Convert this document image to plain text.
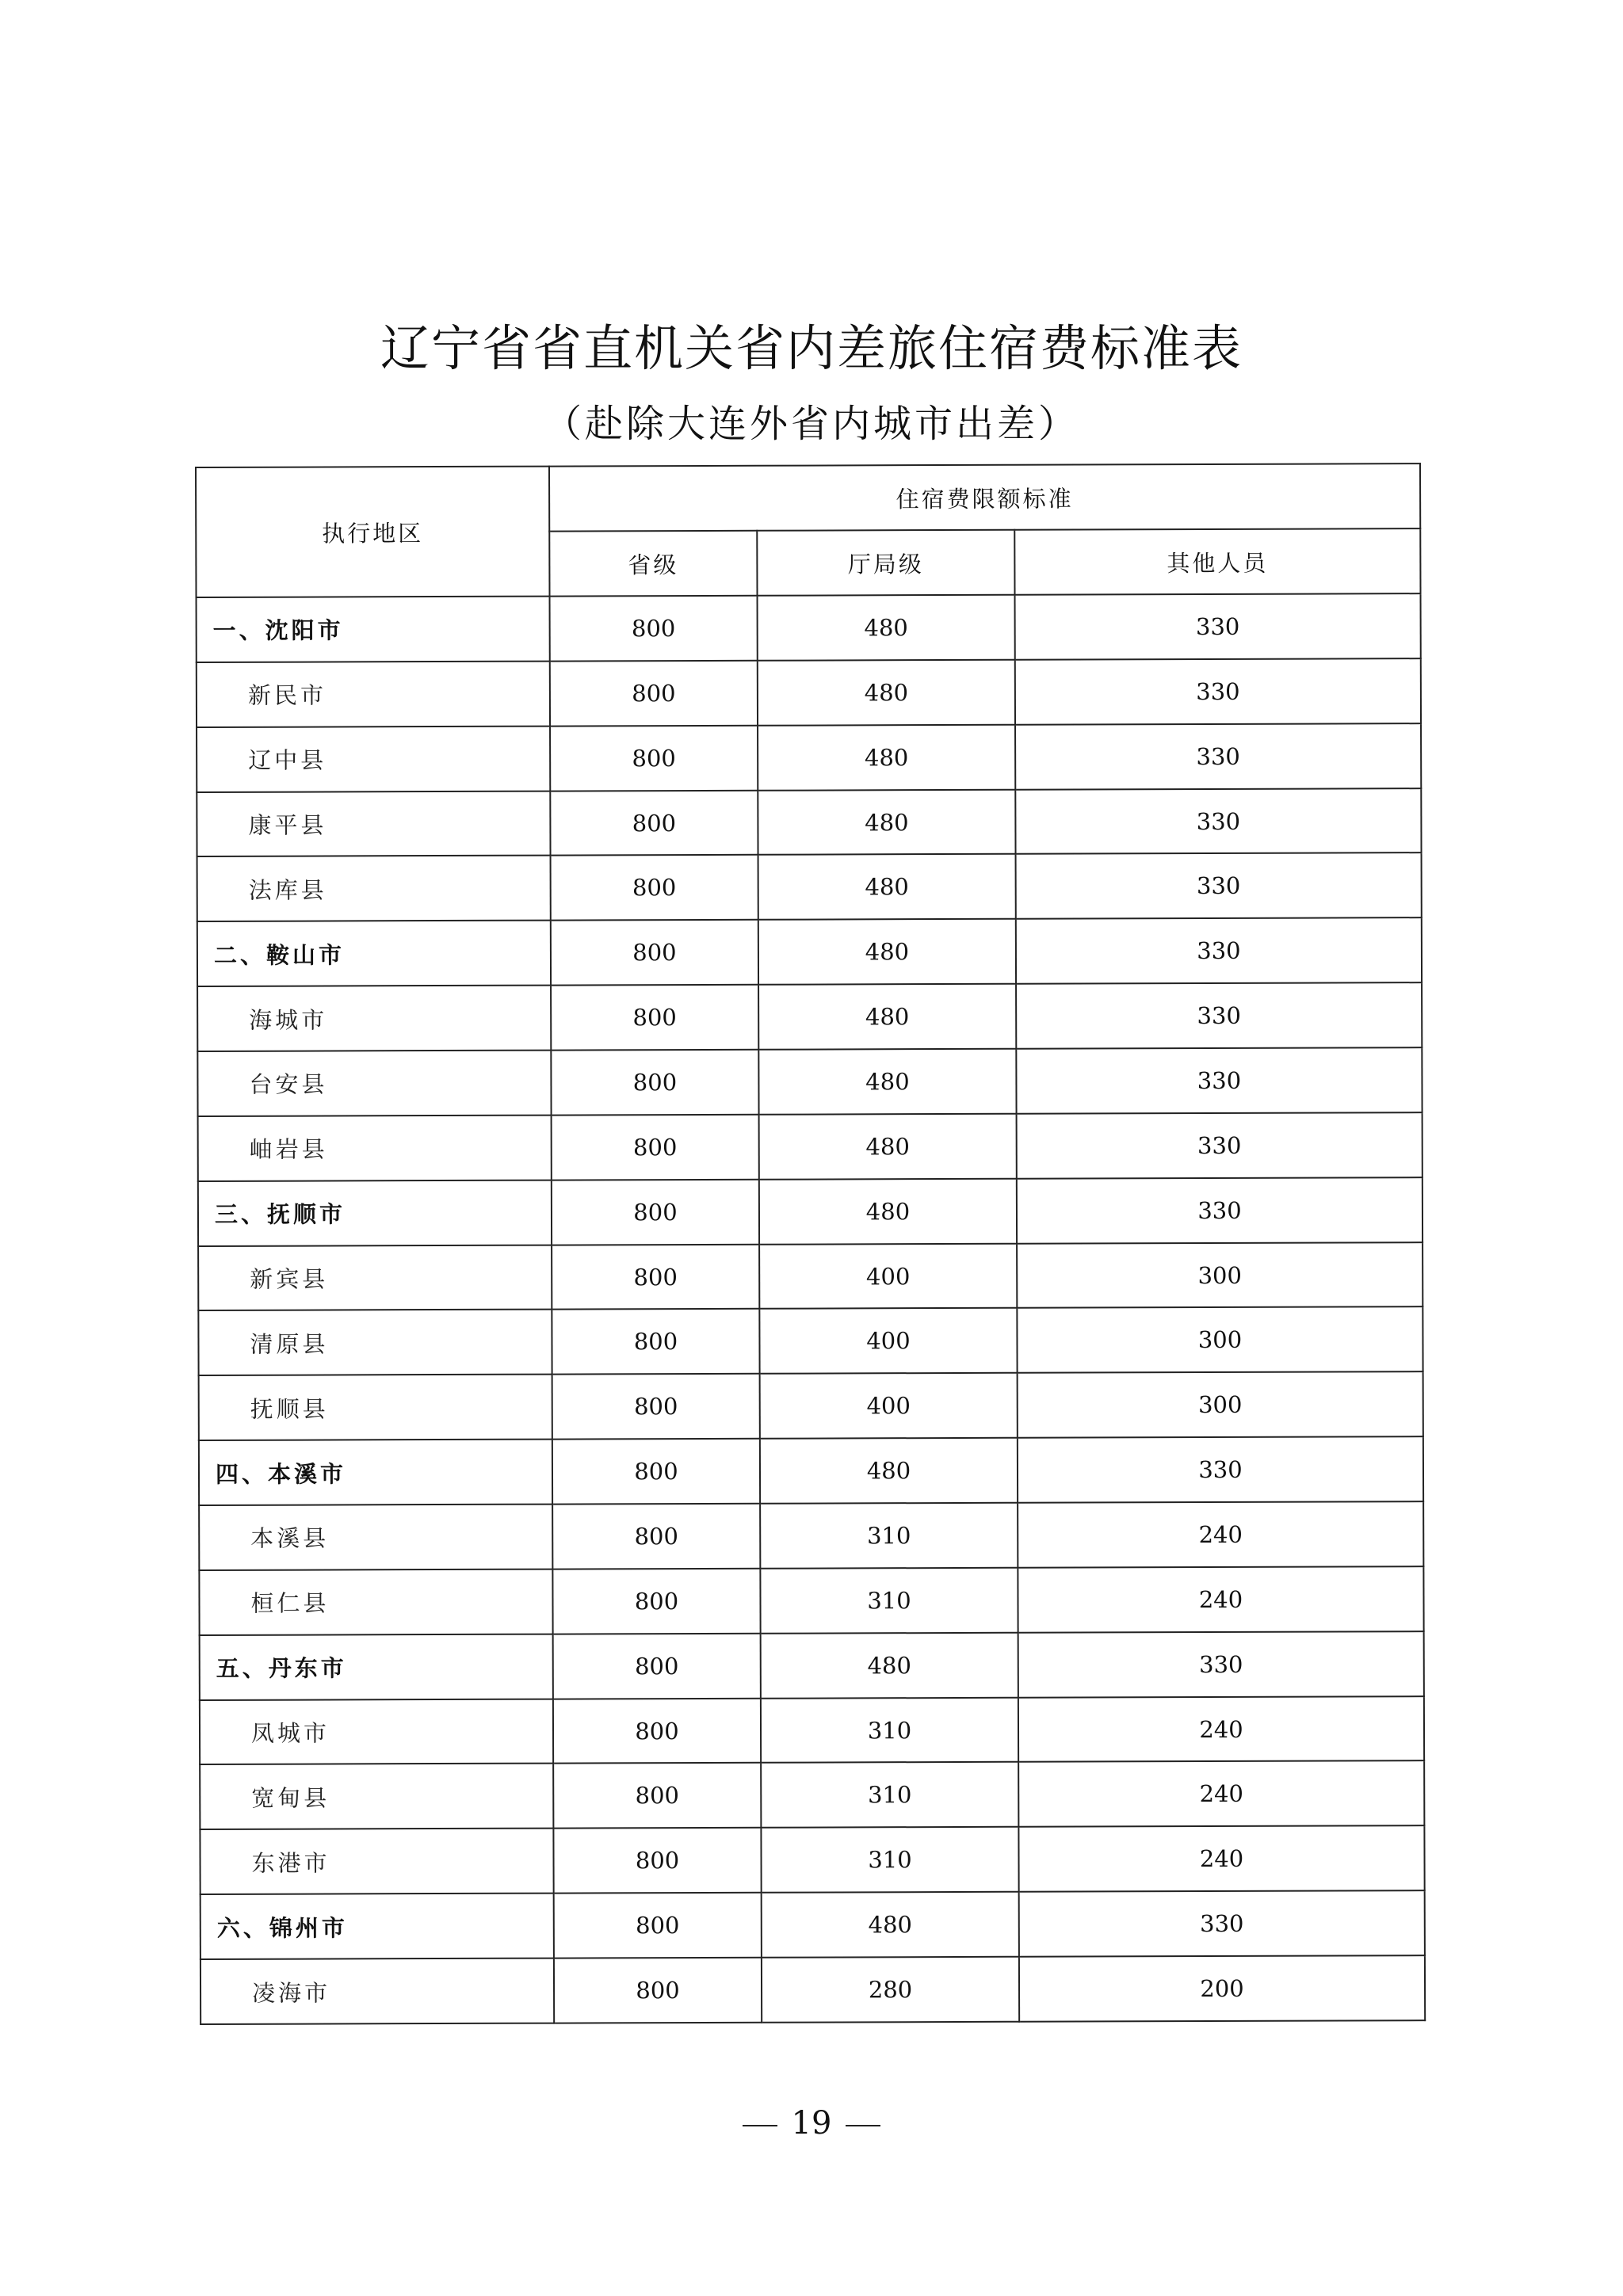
辽宁省省直机关省内差旅住宿费标准表
（赴除大连外省内城市出差）
执行地区	住宿费限额标准		
	省级	厅局级	其他人员
一、沈阳市	800	480	330
新民市	800	480	330
辽中县	800	480	330
康平县	800	480	330
法库县	800	480	330
二、鞍山市	800	480	330
海城市	800	480	330
台安县	800	480	330
岫岩县	800	480	330
三、抚顺市	800	480	330
新宾县	800	400	300
清原县	800	400	300
抚顺县	800	400	300
四、本溪市	800	480	330
本溪县	800	310	240
桓仁县	800	310	240
五、丹东市	800	480	330
凤城市	800	310	240
宽甸县	800	310	240
东港市	800	310	240
六、锦州市	800	480	330
凌海市	800	280	200
19
